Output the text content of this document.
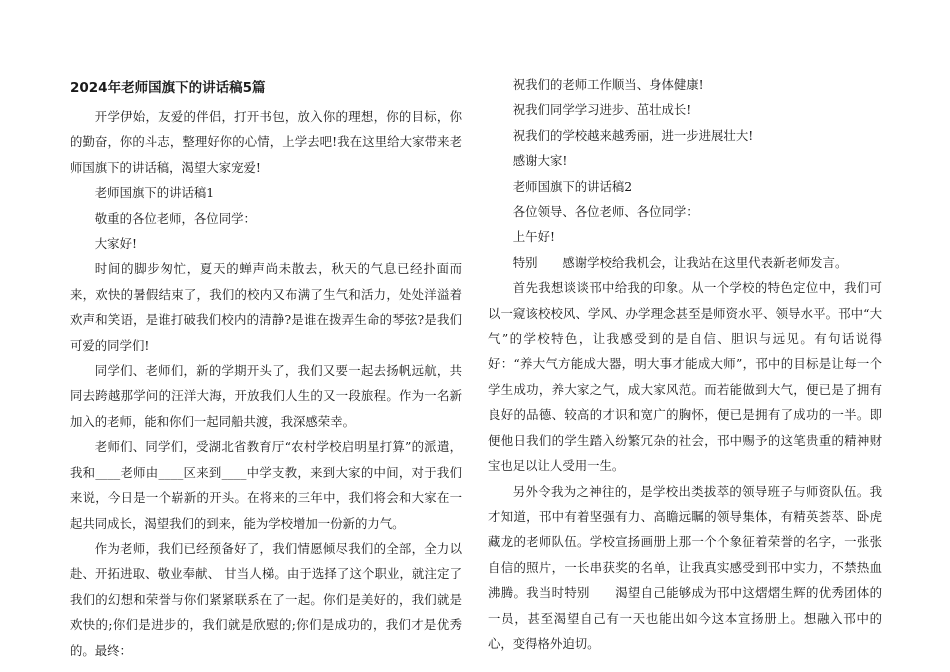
2024年老师国旗下的讲话稿5篇

开学伊始，友爱的伴侣，打开书包，放入你的理想，你的目标，你的勤奋，你的斗志，整理好你的心情，上学去吧!我在这里给大家带来老师国旗下的讲话稿，渴望大家宠爱!

老师国旗下的讲话稿1

敬重的各位老师，各位同学：

大家好!

时间的脚步匆忙，夏天的蝉声尚未散去，秋天的气息已经扑面而来，欢快的暑假结束了，我们的校内又布满了生气和活力，处处洋溢着欢声和笑语，是谁打破我们校内的清静?是谁在拨弄生命的琴弦?是我们可爱的同学们!

同学们、老师们，新的学期开头了，我们又要一起去扬帆远航，共同去跨越那学问的汪洋大海，开放我们人生的又一段旅程。作为一名新加入的老师，能和你们一起同船共渡，我深感荣幸。

老师们、同学们，受湖北省教育厅“农村学校启明星打算”的派遣，我和____老师由____区来到____中学支教，来到大家的中间，对于我们来说，今日是一个崭新的开头。在将来的三年中，我们将会和大家在一起共同成长，渴望我们的到来，能为学校增加一份新的力气。

作为老师，我们已经预备好了，我们情愿倾尽我们的全部，全力以赴、开拓进取、敬业奉献、 甘当人梯。由于选择了这个职业，就注定了我们的幻想和荣誉与你们紧紧联系在了一起。你们是美好的，我们就是欢快的;你们是进步的，我们就是欣慰的;你们是成功的，我们才是优秀的。最终：

祝我们的老师工作顺当、身体健康!

祝我们同学学习进步、茁壮成长!

祝我们的学校越来越秀丽，进一步进展壮大!

感谢大家!

老师国旗下的讲话稿2

各位领导、各位老师、各位同学：

上午好!

特别　　感谢学校给我机会，让我站在这里代表新老师发言。

首先我想谈谈邗中给我的印象。从一个学校的特色定位中，我们可以一窥该校校风、学风、办学理念甚至是师资水平、领导水平。邗中“大气”的学校特色，让我感受到的是自信、胆识与远见。有句话说得好：“养大气方能成大器，明大事才能成大师”，邗中的目标是让每一个学生成功，养大家之气，成大家风范。而若能做到大气，便已是了拥有良好的品德、较高的才识和宽广的胸怀，便已是拥有了成功的一半。即便他日我们的学生踏入纷繁冗杂的社会，邗中赐予的这笔贵重的精神财宝也足以让人受用一生。

另外令我为之神往的，是学校出类拔萃的领导班子与师资队伍。我才知道，邗中有着坚强有力、高瞻远瞩的领导集体，有精英荟萃、卧虎藏龙的老师队伍。学校宣扬画册上那一个个象征着荣誉的名字，一张张自信的照片，一长串获奖的名单，让我真实感受到邗中实力，不禁热血沸腾。我当时特别　　渴望自己能够成为邗中这熠熠生辉的优秀团体的一员，甚至渴望自己有一天也能出如今这本宣扬册上。想融入邗中的心，变得格外迫切。
